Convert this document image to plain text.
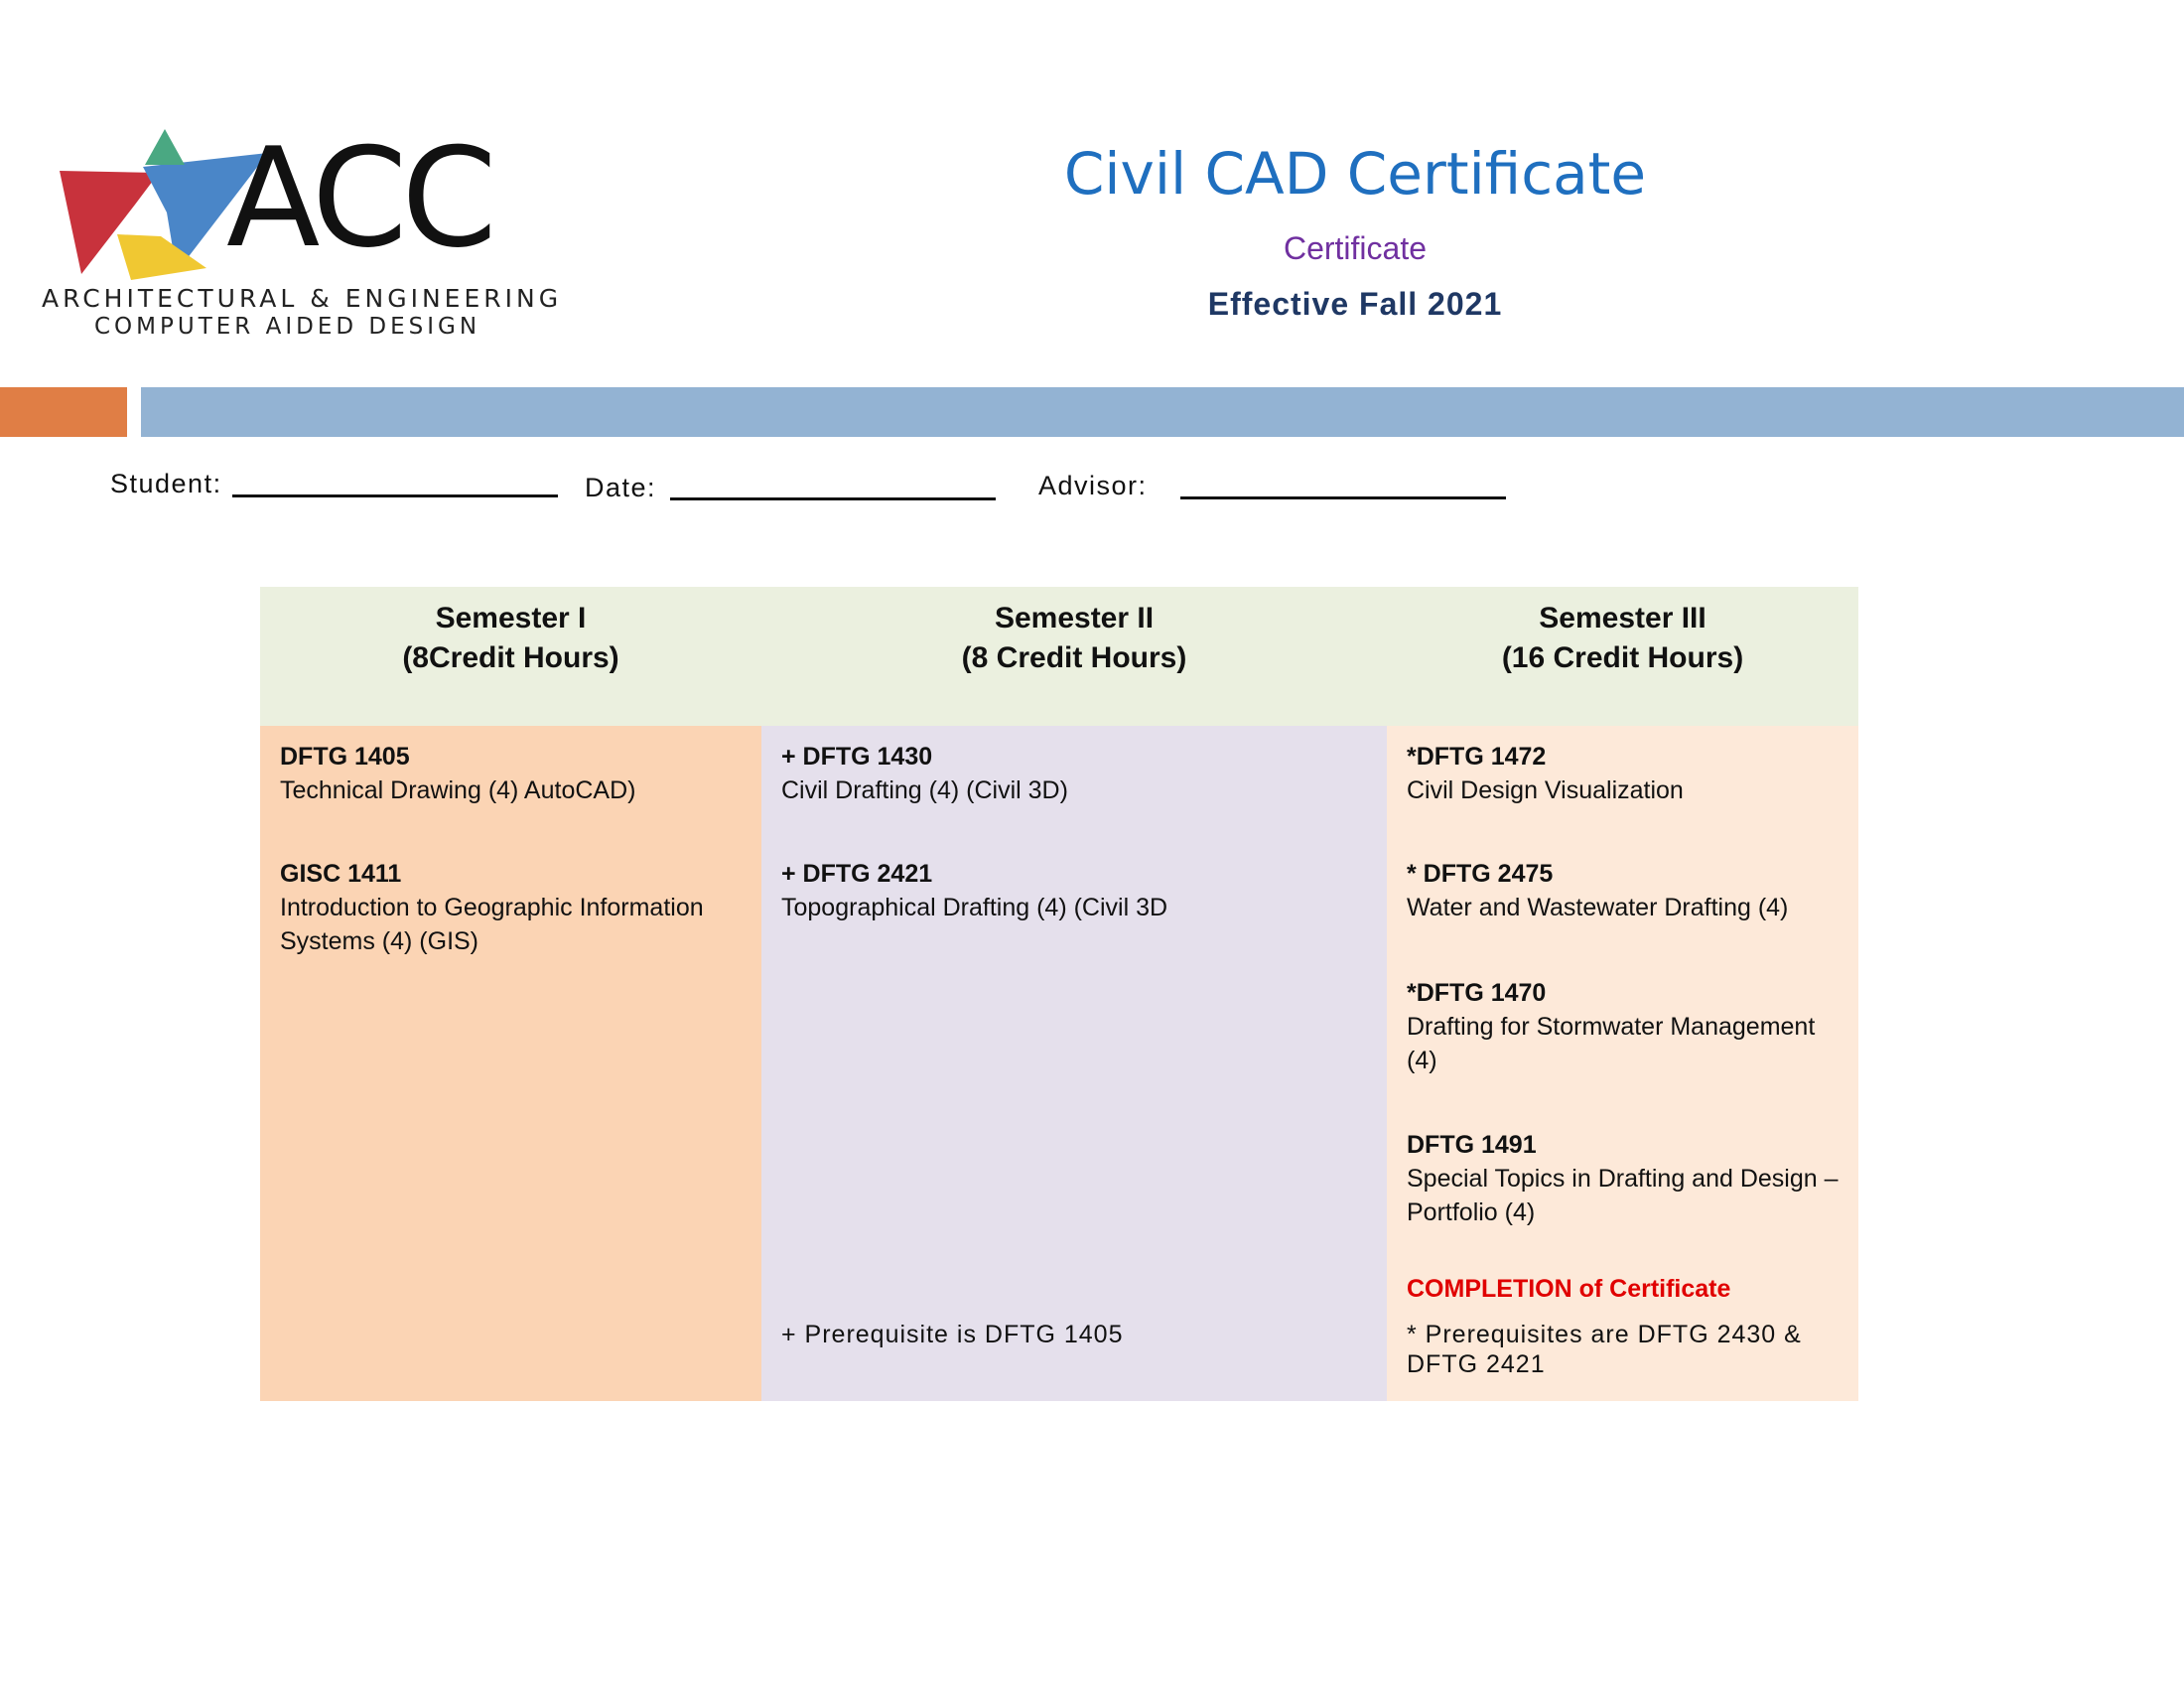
ACC
ARCHITECTURAL & ENGINEERING
COMPUTER AIDED DESIGN
Civil CAD Certificate
Certificate
Effective Fall 2021
Student:	Date:	Advisor:
Semester I
(8Credit Hours)
Semester II
(8 Credit Hours)
Semester III
(16 Credit Hours)
DFTG 1405
Technical Drawing (4) AutoCAD)
GISC 1411
Introduction to Geographic Information Systems (4) (GIS)
+ DFTG 1430
Civil Drafting (4) (Civil 3D)
+ DFTG 2421
Topographical Drafting (4) (Civil 3D
+ Prerequisite is DFTG 1405
*DFTG 1472
Civil Design Visualization
* DFTG 2475
Water and Wastewater Drafting (4)
*DFTG 1470
Drafting for Stormwater Management (4)
DFTG 1491
Special Topics in Drafting and Design – Portfolio (4)
COMPLETION of Certificate
* Prerequisites are DFTG 2430 & DFTG 2421
